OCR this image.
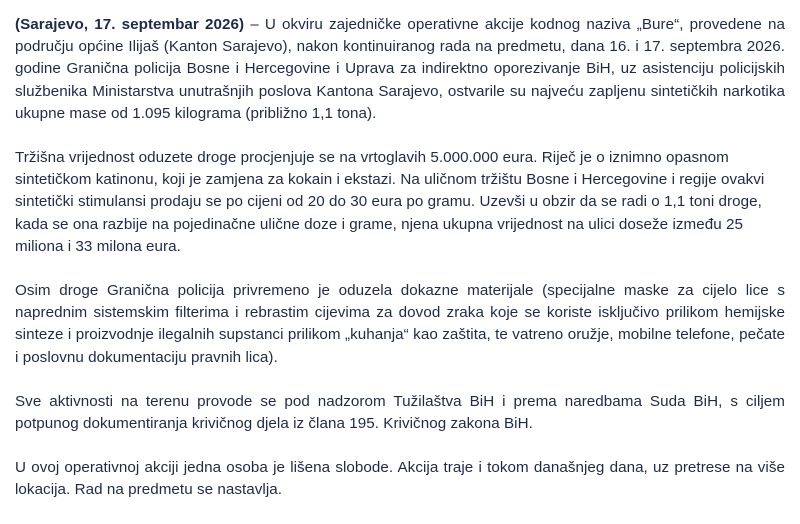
(Sarajevo, 17. septembar 2026) – U okviru zajedničke operativne akcije kodnog naziva „Bure“, provedene na području općine Ilijaš (Kanton Sarajevo), nakon kontinuiranog rada na predmetu, dana 16. i 17. septembra 2026. godine Granična policija Bosne i Hercegovine i Uprava za indirektno oporezivanje BiH, uz asistenciju policijskih službenika Ministarstva unutrašnjih poslova Kantona Sarajevo, ostvarile su najveću zapljenu sintetičkih narkotika ukupne mase od 1.095 kilograma (približno 1,1 tona).

Tržišna vrijednost oduzete droge procjenjuje se na vrtoglavih 5.000.000 eura. Riječ je o iznimno opasnom sintetičkom katinonu, koji je zamjena za kokain i ekstazi. Na uličnom tržištu Bosne i Hercegovine i regije ovakvi sintetički stimulansi prodaju se po cijeni od 20 do 30 eura po gramu. Uzevši u obzir da se radi o 1,1 toni droge, kada se ona razbije na pojedinačne ulične doze i grame, njena ukupna vrijednost na ulici doseže između 25 miliona i 33 milona eura.

Osim droge Granična policija privremeno je oduzela dokazne materijale (specijalne maske za cijelo lice s naprednim sistemskim filterima i rebrastim cijevima za dovod zraka koje se koriste isključivo prilikom hemijske sinteze i proizvodnje ilegalnih supstanci prilikom „kuhanja“ kao zaštita, te vatreno oružje, mobilne telefone, pečate i poslovnu dokumentaciju pravnih lica).

Sve aktivnosti na terenu provode se pod nadzorom Tužilaštva BiH i prema naredbama Suda BiH, s ciljem potpunog dokumentiranja krivičnog djela iz člana 195. Krivičnog zakona BiH.

U ovoj operativnoj akciji jedna osoba je lišena slobode. Akcija traje i tokom današnjeg dana, uz pretrese na više lokacija. Rad na predmetu se nastavlja.
